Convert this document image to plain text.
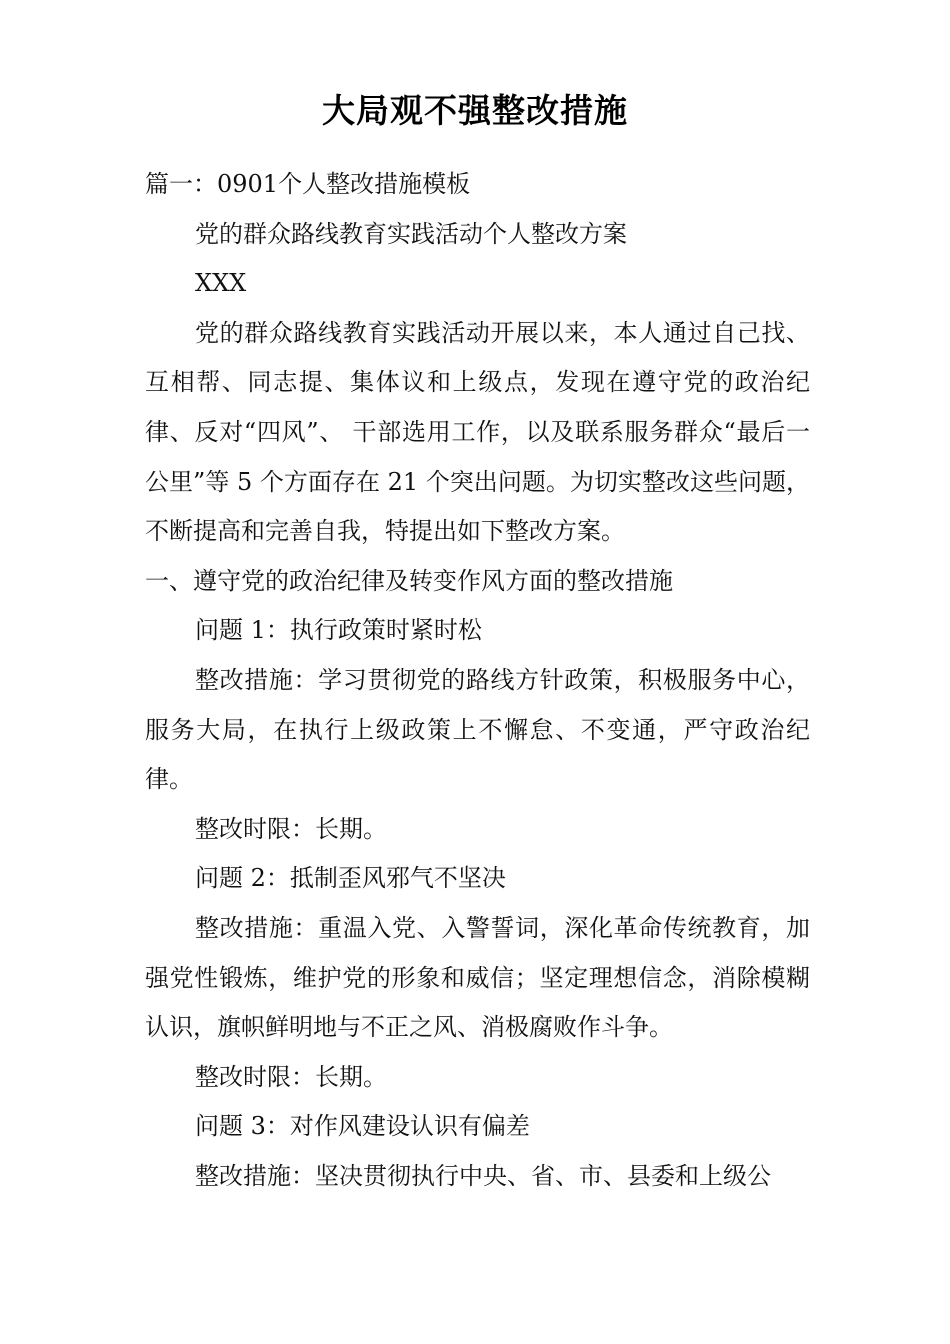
大局观不强整改措施

篇一：0901个人整改措施模板

党的群众路线教育实践活动个人整改方案

XXX

党的群众路线教育实践活动开展以来，本人通过自己找、互相帮、同志提、集体议和上级点，发现在遵守党的政治纪律、反对“四风”、 干部选用工作，以及联系服务群众“最后一公里”等 5 个方面存在 21 个突出问题。为切实整改这些问题，不断提高和完善自我，特提出如下整改方案。

一、遵守党的政治纪律及转变作风方面的整改措施

问题 1：执行政策时紧时松

整改措施：学习贯彻党的路线方针政策，积极服务中心，服务大局，在执行上级政策上不懈怠、不变通，严守政治纪律。

整改时限：长期。

问题 2：抵制歪风邪气不坚决

整改措施：重温入党、入警誓词，深化革命传统教育，加强党性锻炼，维护党的形象和威信；坚定理想信念，消除模糊认识，旗帜鲜明地与不正之风、消极腐败作斗争。

整改时限：长期。

问题 3：对作风建设认识有偏差

整改措施：坚决贯彻执行中央、省、市、县委和上级公
